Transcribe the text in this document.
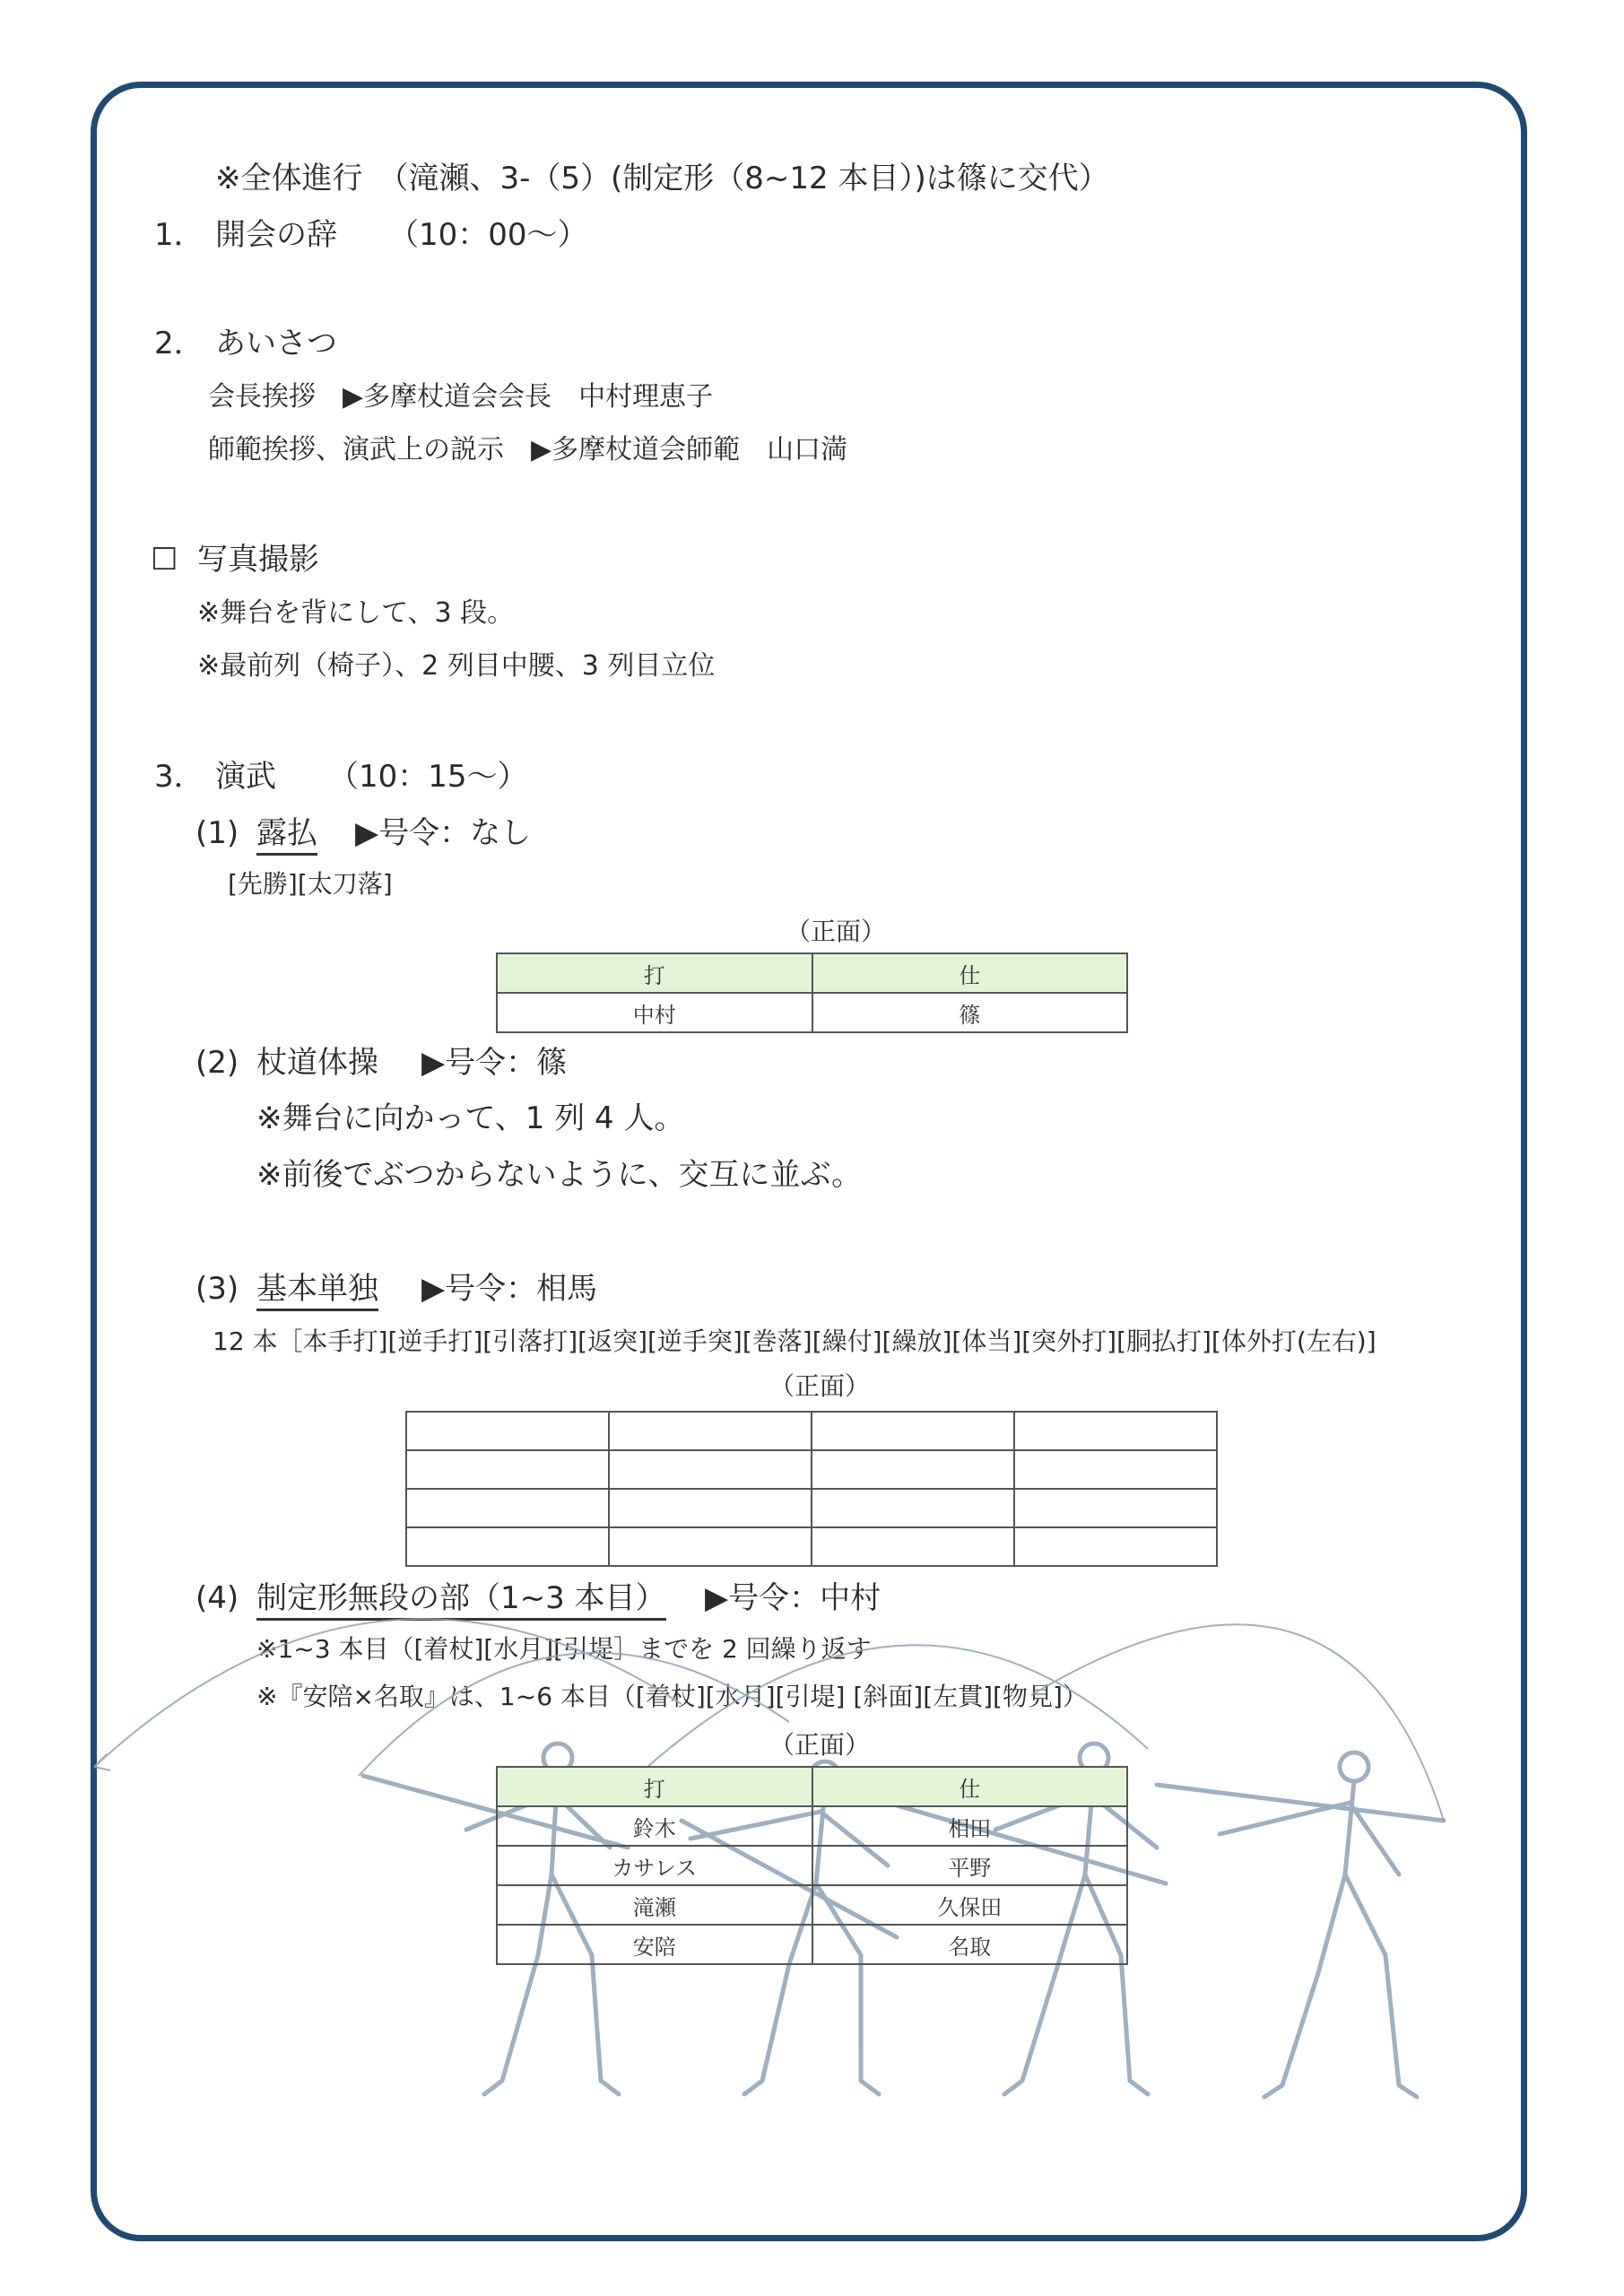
※全体進行　（滝瀬、3-（5）(制定形（8~12 本目）)は篠に交代）
1． 開会の辞 （10：00～）
2． あいさつ
会長挨拶　▶多摩杖道会会長　中村理恵子
師範挨拶、演武上の説示　▶多摩杖道会師範　山口満
☐ 写真撮影
※舞台を背にして、3 段。
※最前列（椅子）、2 列目中腰、3 列目立位
3． 演武 （10：15～）
(1) 露払 ▶号令：なし
[先勝][太刀落]
（正面）
打	仕
中村	篠
(2) 杖道体操 ▶号令：篠
※舞台に向かって、1 列 4 人。
※前後でぶつからないように、交互に並ぶ。
(3) 基本単独 ▶号令：相馬
12 本［本手打][逆手打][引落打][返突][逆手突][巻落][繰付][繰放][体当][突外打][胴払打][体外打(左右)]
（正面）

(4) 制定形無段の部（1~3 本目） ▶号令：中村
※1~3 本目（[着杖][水月][引堤］までを 2 回繰り返す
※『安陪×名取』は、1~6 本目（[着杖][水月][引堤] [斜面][左貫][物見]）
（正面）
打	仕
鈴木	相田
カサレス	平野
滝瀬	久保田
安陪	名取
